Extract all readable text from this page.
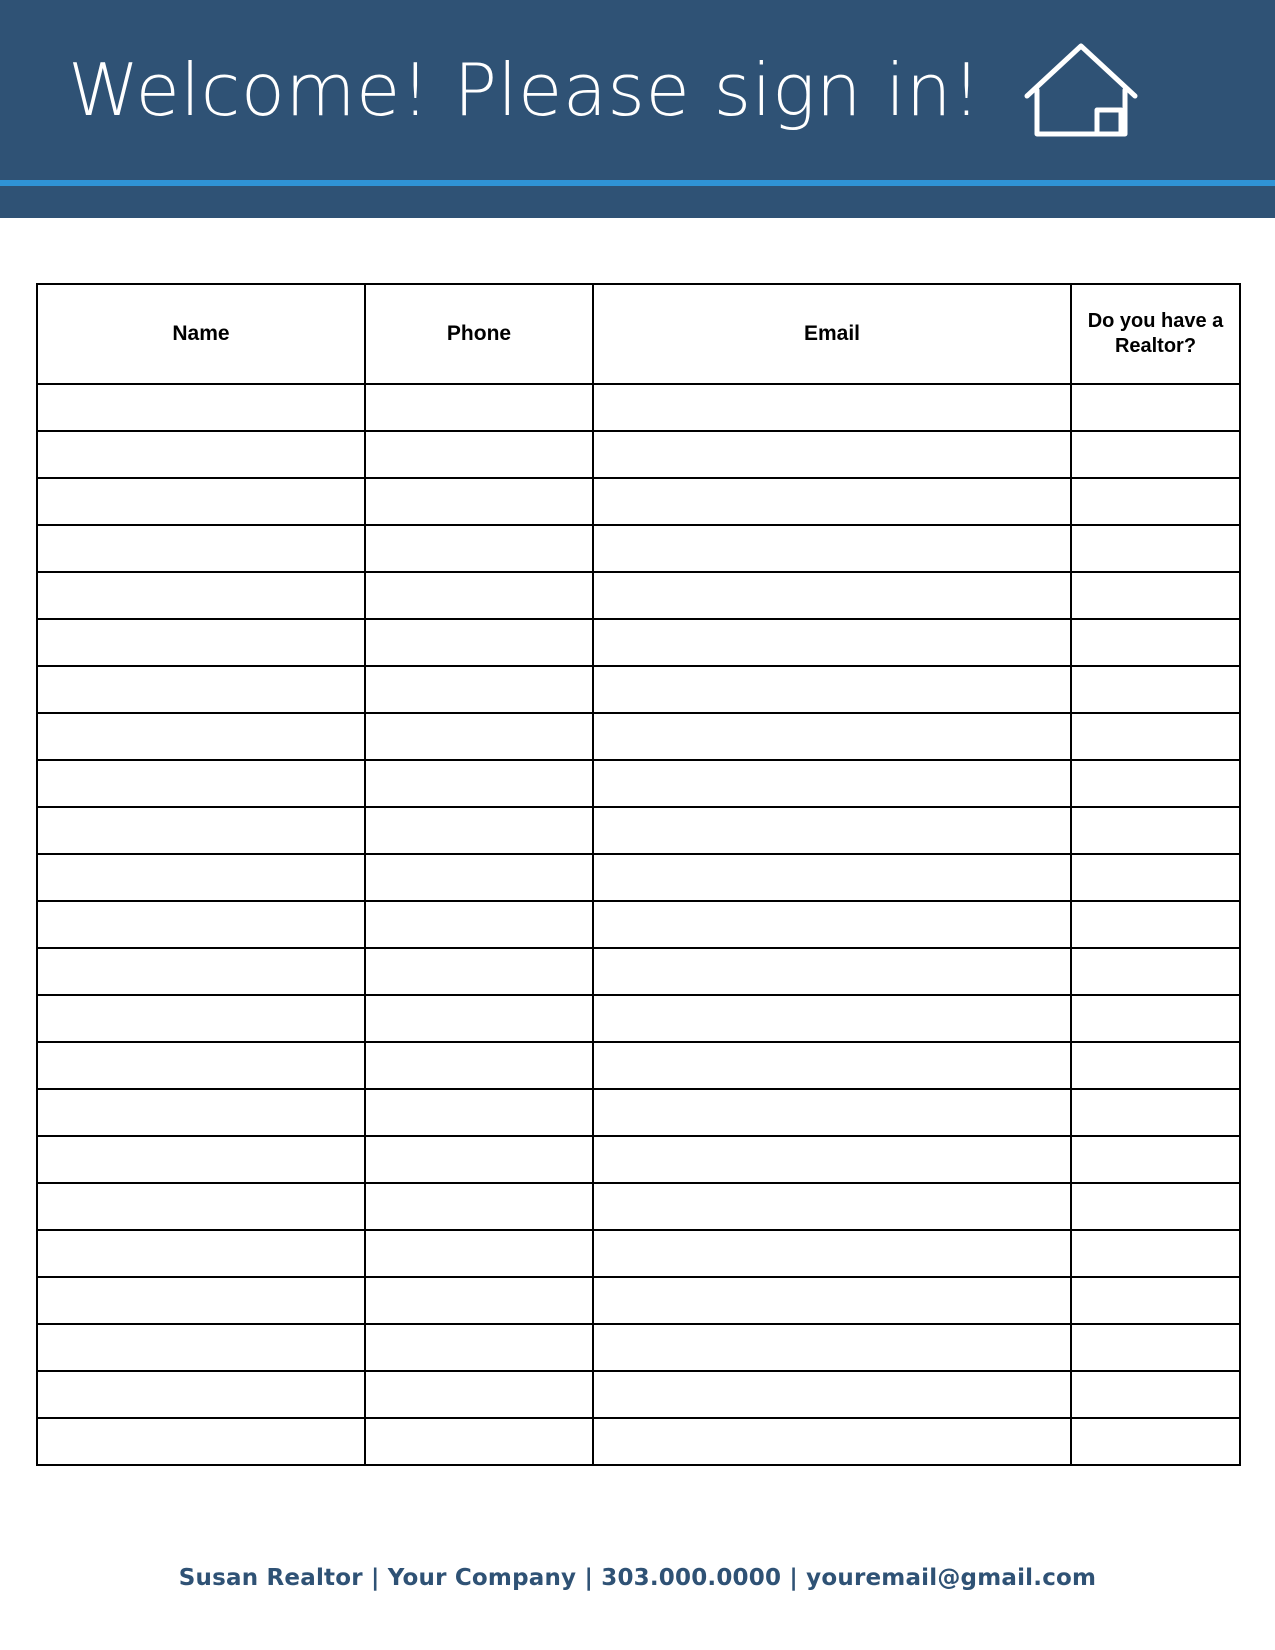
Welcome! Please sign in!
Name	Phone	Email	Do you have a Realtor?

Susan Realtor | Your Company | 303.000.0000 | youremail@gmail.com
